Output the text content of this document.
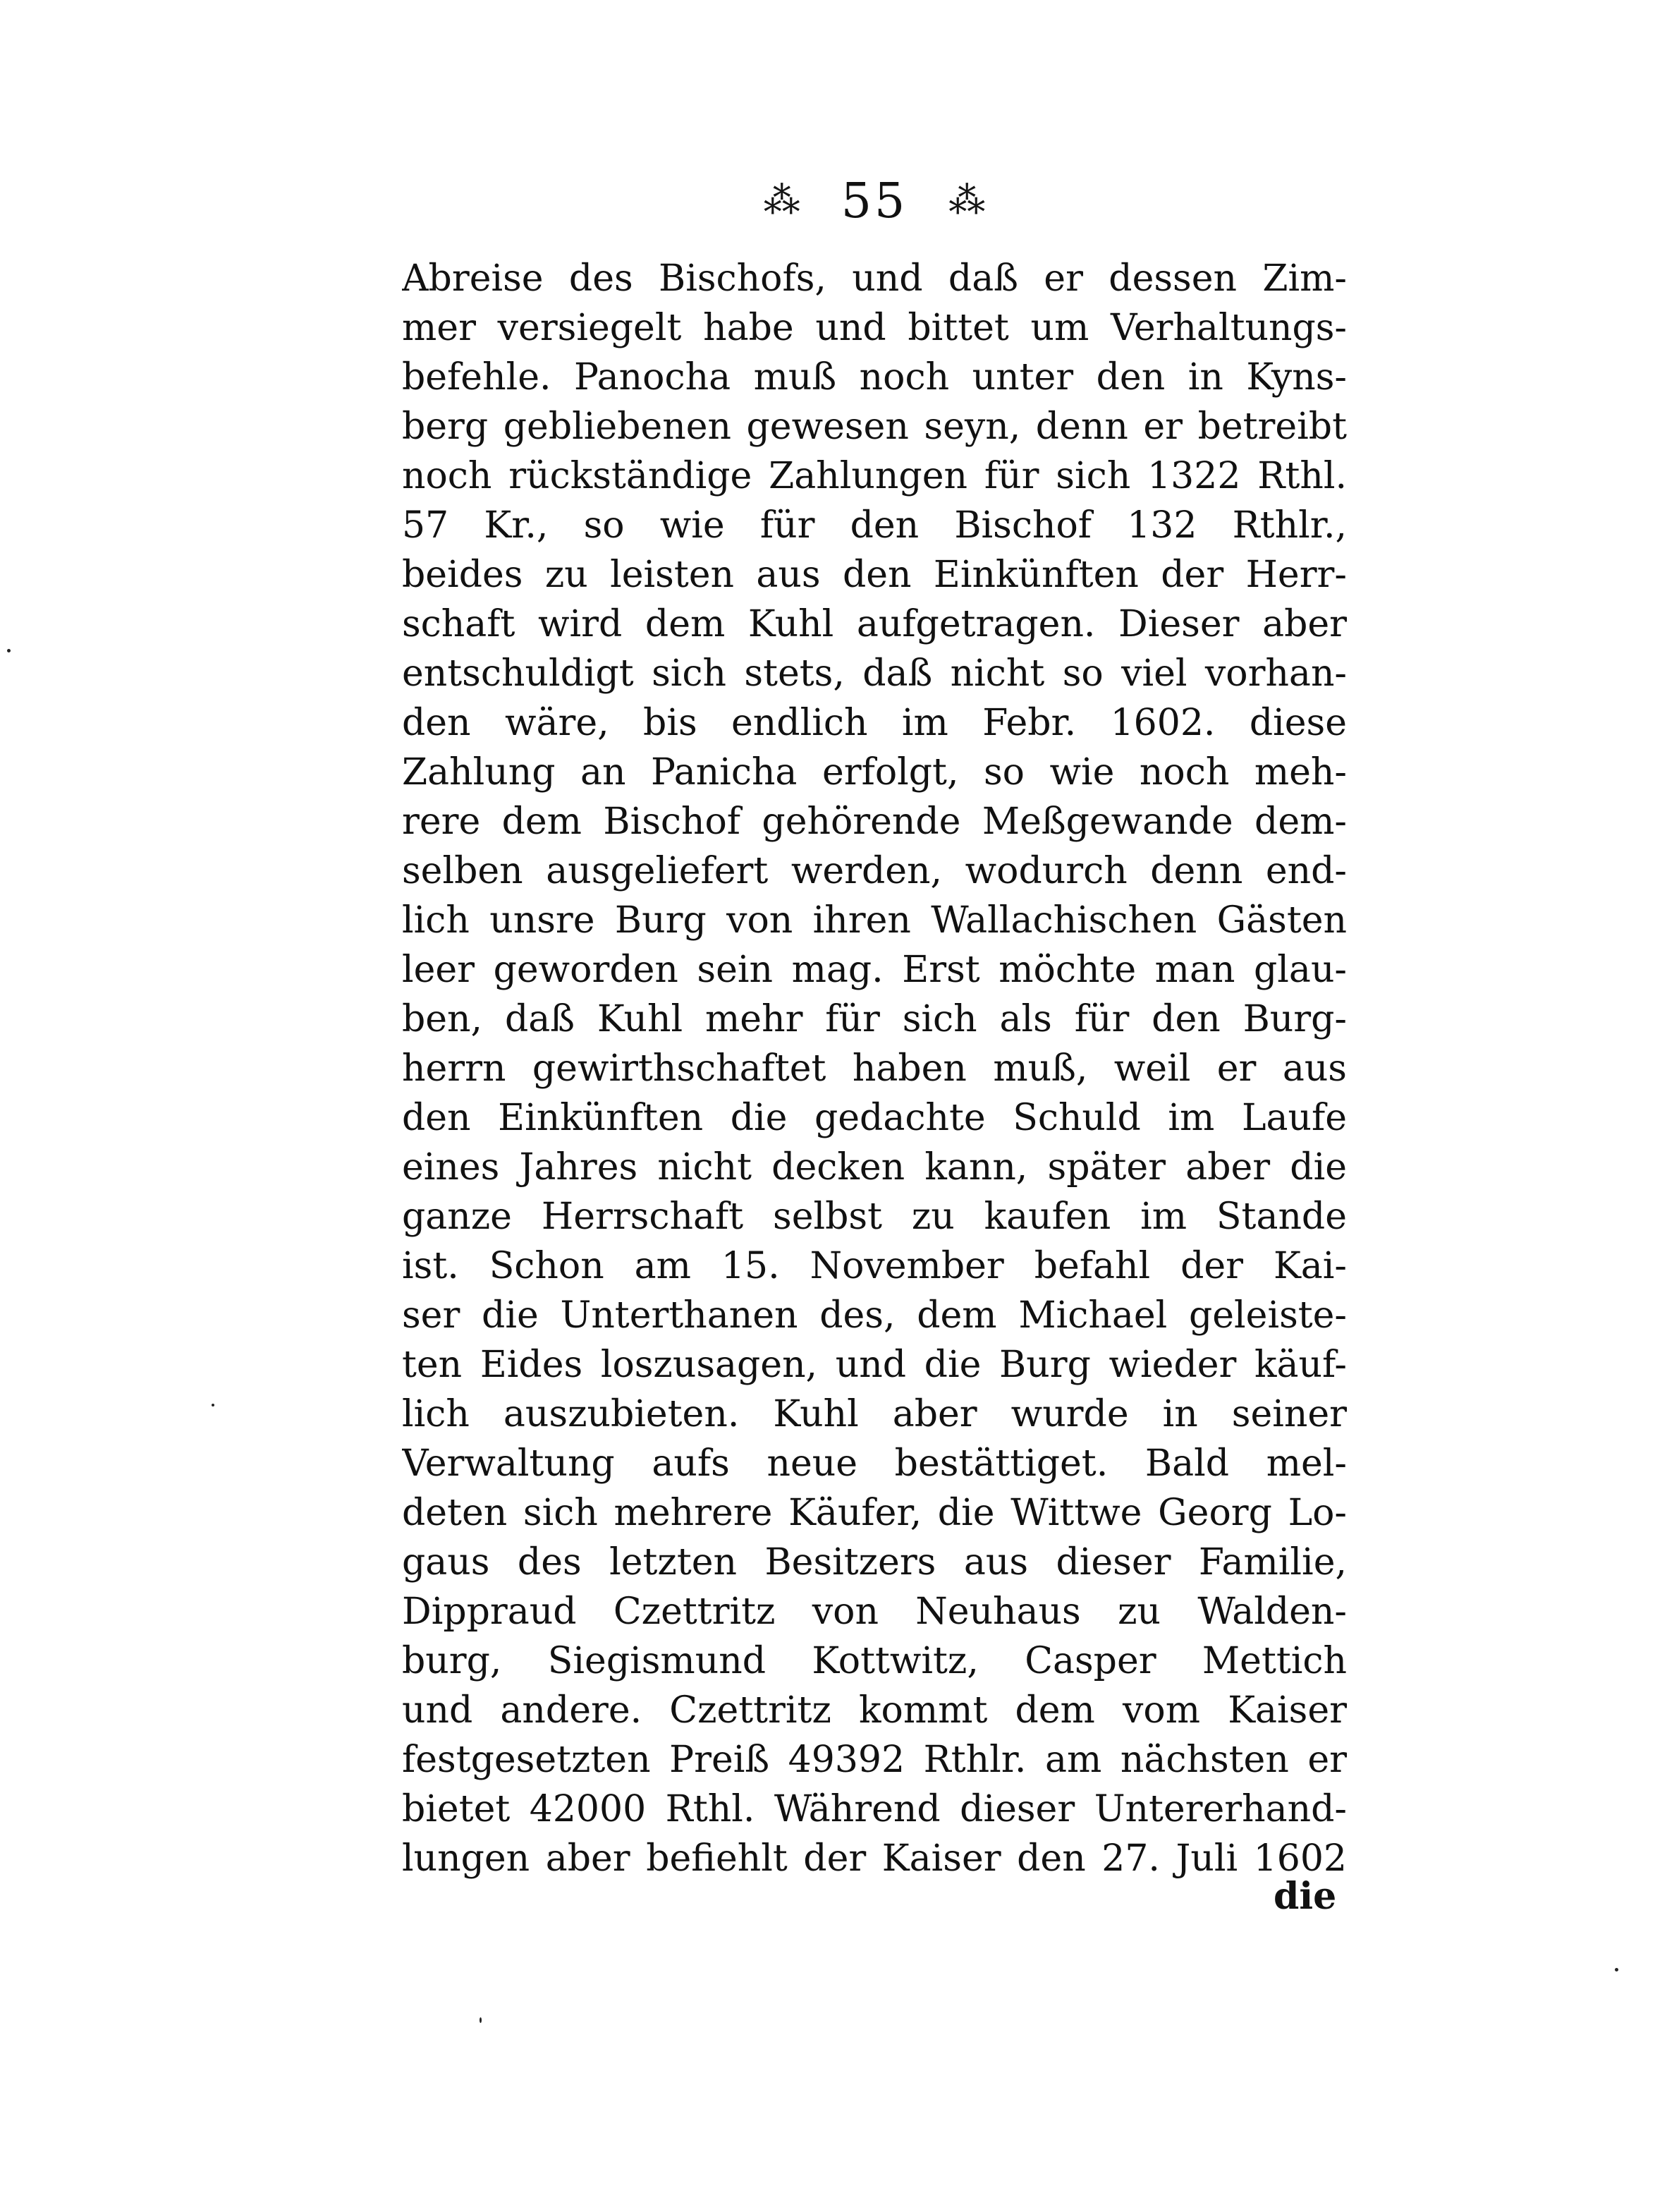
⁂ 55 ⁂
Abreise des Bischofs, und daß er dessen Zim-
mer versiegelt habe und bittet um Verhaltungs-
befehle. Panocha muß noch unter den in Kyns-
berg gebliebenen gewesen seyn, denn er betreibt
noch rückständige Zahlungen für sich 1322 Rthl.
57 Kr., so wie für den Bischof 132 Rthlr.,
beides zu leisten aus den Einkünften der Herr-
schaft wird dem Kuhl aufgetragen. Dieser aber
entschuldigt sich stets, daß nicht so viel vorhan-
den wäre, bis endlich im Febr. 1602. diese
Zahlung an Panicha erfolgt, so wie noch meh-
rere dem Bischof gehörende Meßgewande dem-
selben ausgeliefert werden, wodurch denn end-
lich unsre Burg von ihren Wallachischen Gästen
leer geworden sein mag. Erst möchte man glau-
ben, daß Kuhl mehr für sich als für den Burg-
herrn gewirthschaftet haben muß, weil er aus
den Einkünften die gedachte Schuld im Laufe
eines Jahres nicht decken kann, später aber die
ganze Herrschaft selbst zu kaufen im Stande
ist. Schon am 15. November befahl der Kai-
ser die Unterthanen des, dem Michael geleiste-
ten Eides loszusagen, und die Burg wieder käuf-
lich auszubieten. Kuhl aber wurde in seiner
Verwaltung aufs neue bestättiget. Bald mel-
deten sich mehrere Käufer, die Wittwe Georg Lo-
gaus des letzten Besitzers aus dieser Familie,
Dippraud Czettritz von Neuhaus zu Walden-
burg, Siegismund Kottwitz, Casper Mettich
und andere. Czettritz kommt dem vom Kaiser
festgesetzten Preiß 49392 Rthlr. am nächsten er
bietet 42000 Rthl. Während dieser Untererhand-
lungen aber befiehlt der Kaiser den 27. Juli 1602
die
